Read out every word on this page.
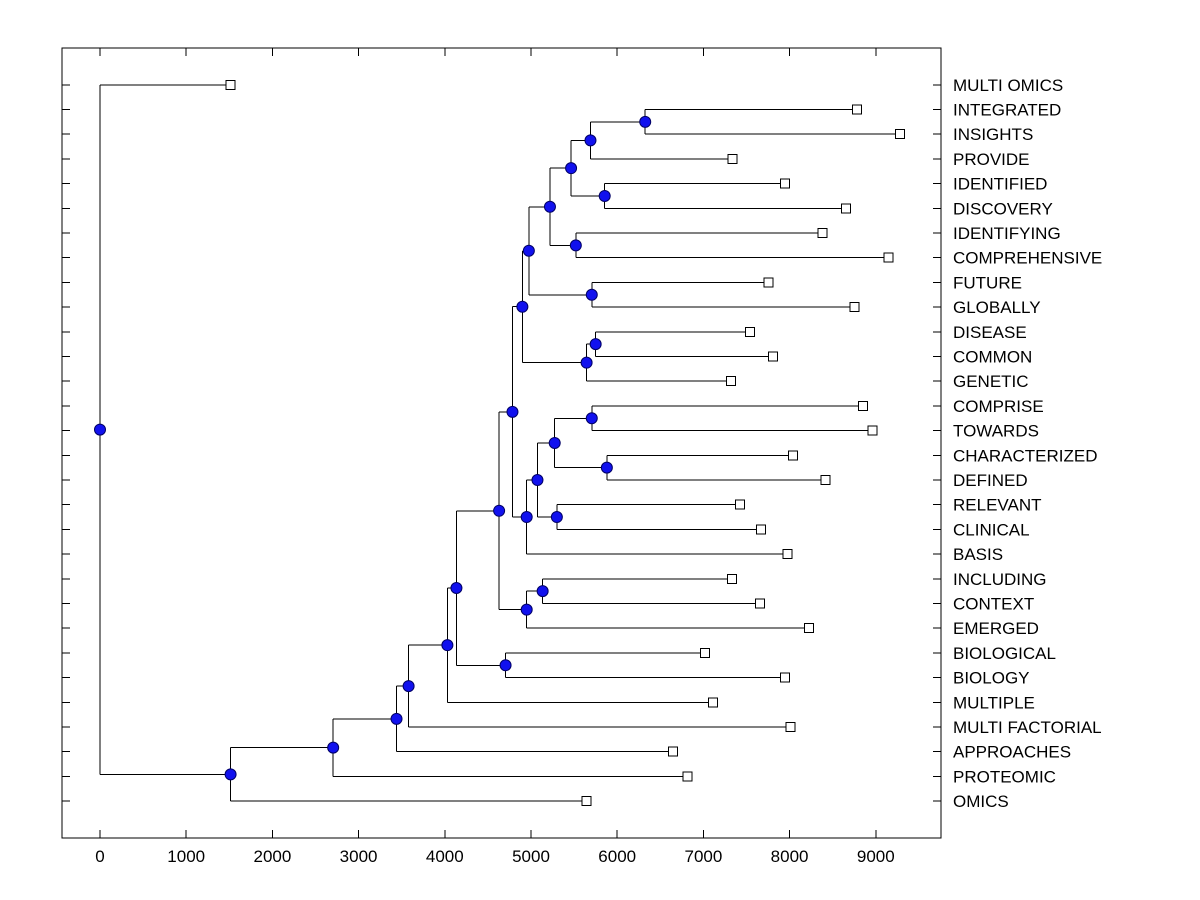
0	1000	2000	3000	4000	5000	6000	7000	8000	9000
MULTI OMICS
INTEGRATED
INSIGHTS
PROVIDE
IDENTIFIED
DISCOVERY
IDENTIFYING
COMPREHENSIVE
FUTURE
GLOBALLY
DISEASE
COMMON
GENETIC
COMPRISE
TOWARDS
CHARACTERIZED
DEFINED
RELEVANT
CLINICAL
BASIS
INCLUDING
CONTEXT
EMERGED
BIOLOGICAL
BIOLOGY
MULTIPLE
MULTI FACTORIAL
APPROACHES
PROTEOMIC
OMICS
